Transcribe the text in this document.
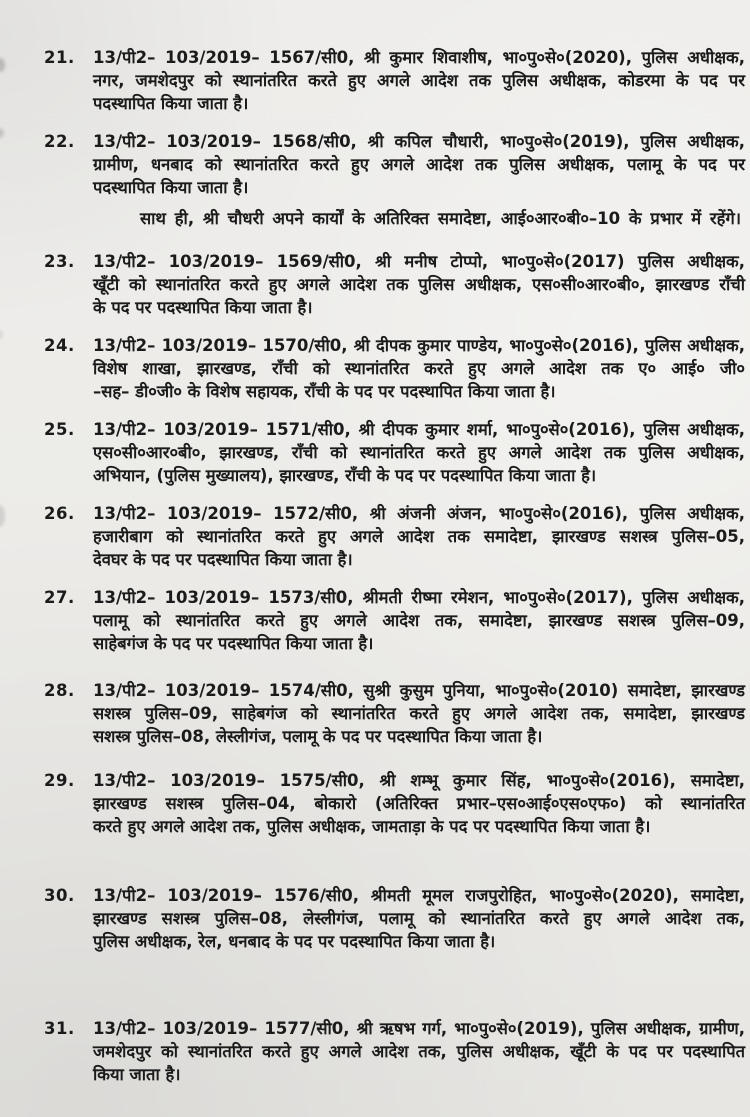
21.	13/पी2– 103/2019– 1567/सी0, श्री कुमार शिवाशीष, भा०पु०से०(2020), पुलिस अधीक्षक,
नगर, जमशेदपुर को स्थानांतरित करते हुए अगले आदेश तक पुलिस अधीक्षक, कोडरमा के पद पर
पदस्थापित किया जाता है।
22.	13/पी2– 103/2019– 1568/सी0, श्री कपिल चौधारी, भा०पु०से०(2019), पुलिस अधीक्षक,
ग्रामीण, धनबाद को स्थानांतरित करते हुए अगले आदेश तक पुलिस अधीक्षक, पलामू के पद पर
पदस्थापित किया जाता है।
साथ ही, श्री चौधरी अपने कार्यों के अतिरिक्त समादेष्टा, आई०आर०बी०–10 के प्रभार में रहेंगे।
23.	13/पी2– 103/2019– 1569/सी0, श्री मनीष टोप्पो, भा०पु०से०(2017) पुलिस अधीक्षक,
खूँटी को स्थानांतरित करते हुए अगले आदेश तक पुलिस अधीक्षक, एस०सी०आर०बी०, झारखण्ड राँची
के पद पर पदस्थापित किया जाता है।
24.	13/पी2– 103/2019– 1570/सी0, श्री दीपक कुमार पाण्डेय, भा०पु०से०(2016), पुलिस अधीक्षक,
विशेष शाखा, झारखण्ड, राँची को स्थानांतरित करते हुए अगले आदेश तक ए० आई० जी०
–सह– डी०जी० के विशेष सहायक, राँची के पद पर पदस्थापित किया जाता है।
25.	13/पी2– 103/2019– 1571/सी0, श्री दीपक कुमार शर्मा, भा०पु०से०(2016), पुलिस अधीक्षक,
एस०सी०आर०बी०, झारखण्ड, राँची को स्थानांतरित करते हुए अगले आदेश तक पुलिस अधीक्षक,
अभियान, (पुलिस मुख्यालय), झारखण्ड, राँची के पद पर पदस्थापित किया जाता है।
26.	13/पी2– 103/2019– 1572/सी0, श्री अंजनी अंजन, भा०पु०से०(2016), पुलिस अधीक्षक,
हजारीबाग को स्थानांतरित करते हुए अगले आदेश तक समादेष्टा, झारखण्ड सशस्त्र पुलिस–05,
देवघर के पद पर पदस्थापित किया जाता है।
27.	13/पी2– 103/2019– 1573/सी0, श्रीमती रीष्मा रमेशन, भा०पु०से०(2017), पुलिस अधीक्षक,
पलामू को स्थानांतरित करते हुए अगले आदेश तक, समादेष्टा, झारखण्ड सशस्त्र पुलिस–09,
साहेबगंज के पद पर पदस्थापित किया जाता है।
28.	13/पी2– 103/2019– 1574/सी0, सुश्री कुसुम पुनिया, भा०पु०से०(2010) समादेष्टा, झारखण्ड
सशस्त्र पुलिस–09, साहेबगंज को स्थानांतरित करते हुए अगले आदेश तक, समादेष्टा, झारखण्ड
सशस्त्र पुलिस–08, लेस्लीगंज, पलामू के पद पर पदस्थापित किया जाता है।
29.	13/पी2– 103/2019– 1575/सी0, श्री शम्भू कुमार सिंह, भा०पु०से०(2016), समादेष्टा,
झारखण्ड सशस्त्र पुलिस–04, बोकारो (अतिरिक्त प्रभार–एस०आई०एस०एफ०) को स्थानांतरित
करते हुए अगले आदेश तक, पुलिस अधीक्षक, जामताड़ा के पद पर पदस्थापित किया जाता है।
30.	13/पी2– 103/2019– 1576/सी0, श्रीमती मूमल राजपुरोहित, भा०पु०से०(2020), समादेष्टा,
झारखण्ड सशस्त्र पुलिस–08, लेस्लीगंज, पलामू को स्थानांतरित करते हुए अगले आदेश तक,
पुलिस अधीक्षक, रेल, धनबाद के पद पर पदस्थापित किया जाता है।
31.	13/पी2– 103/2019– 1577/सी0, श्री ऋषभ गर्ग, भा०पु०से०(2019), पुलिस अधीक्षक, ग्रामीण,
जमशेदपुर को स्थानांतरित करते हुए अगले आदेश तक, पुलिस अधीक्षक, खूँटी के पद पर पदस्थापित
किया जाता है।
